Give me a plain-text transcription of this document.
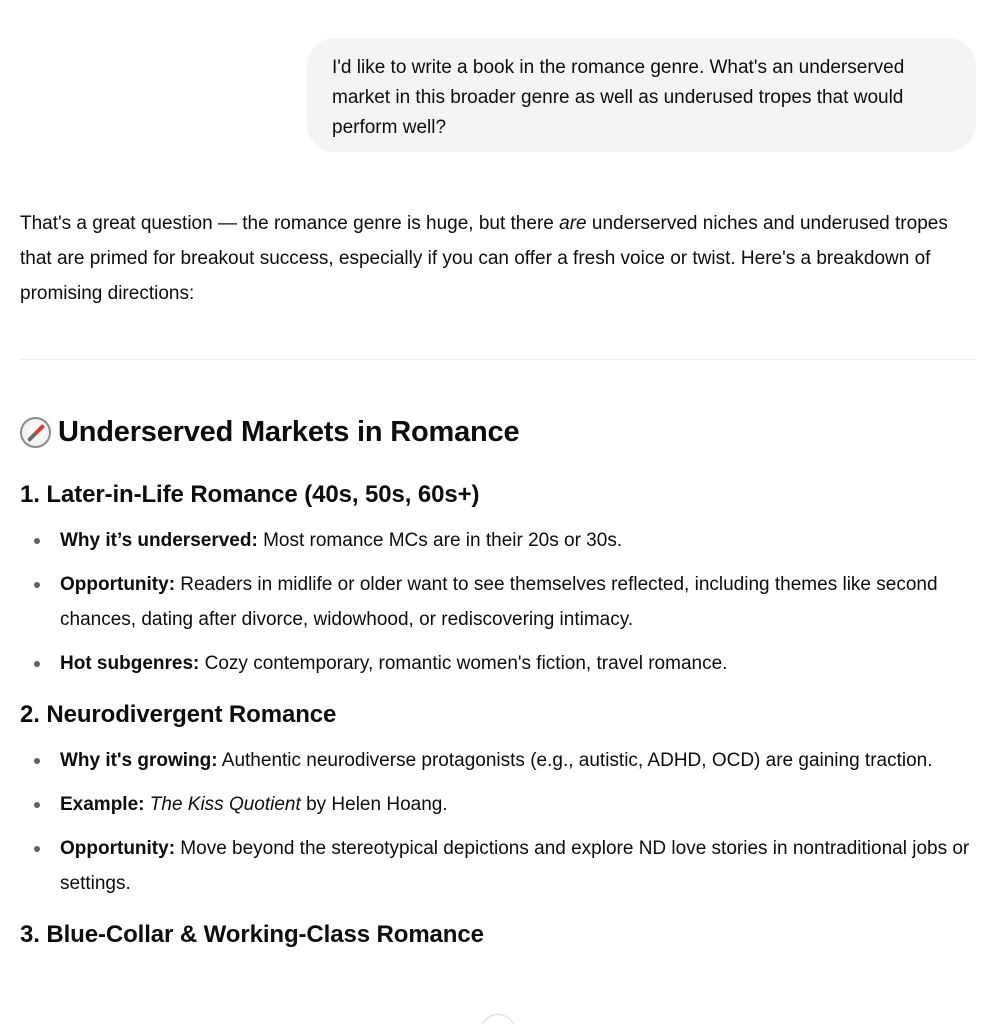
I'd like to write a book in the romance genre. What's an underserved market in this broader genre as well as underused tropes that would perform well?

That's a great question — the romance genre is huge, but there are underserved niches and underused tropes that are primed for breakout success, especially if you can offer a fresh voice or twist. Here's a breakdown of promising directions:

Underserved Markets in Romance
1. Later-in-Life Romance (40s, 50s, 60s+)
Why it’s underserved: Most romance MCs are in their 20s or 30s.
Opportunity: Readers in midlife or older want to see themselves reflected, including themes like second chances, dating after divorce, widowhood, or rediscovering intimacy.
Hot subgenres: Cozy contemporary, romantic women's fiction, travel romance.
2. Neurodivergent Romance
Why it's growing: Authentic neurodiverse protagonists (e.g., autistic, ADHD, OCD) are gaining traction.
Example: The Kiss Quotient by Helen Hoang.
Opportunity: Move beyond the stereotypical depictions and explore ND love stories in nontraditional jobs or settings.
3. Blue-Collar & Working-Class Romance
